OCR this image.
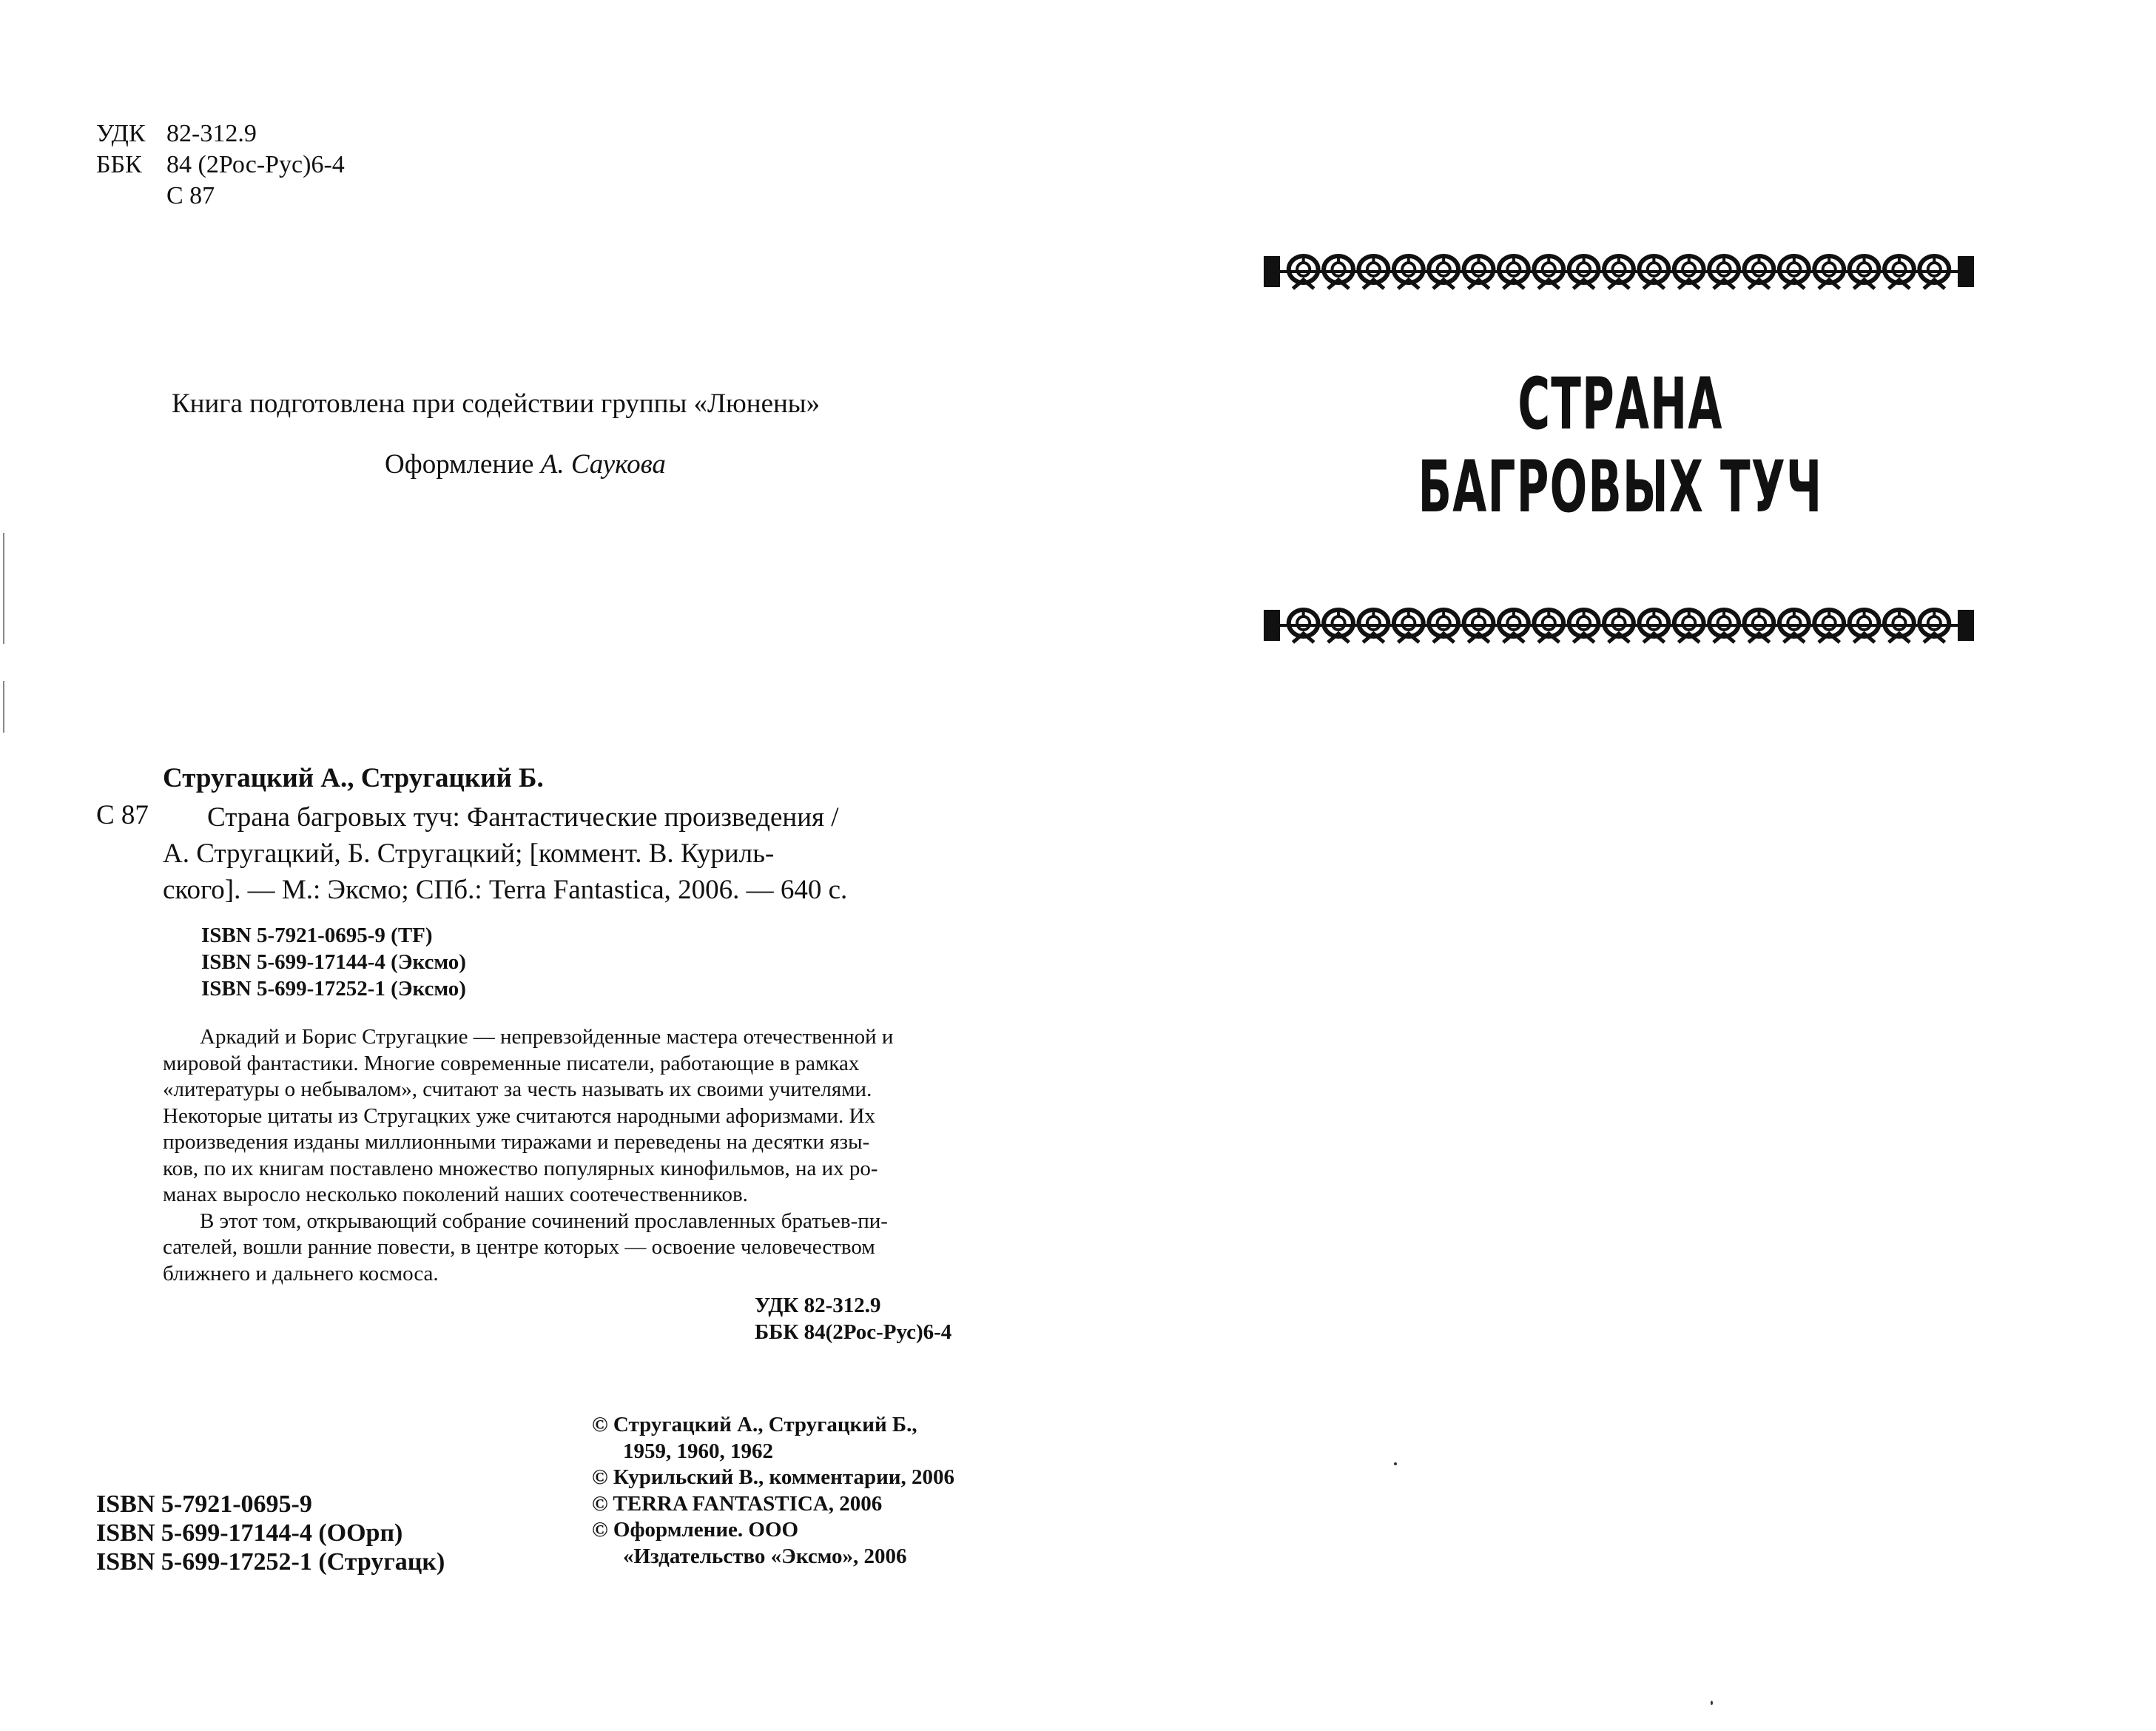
УДК 82-312.9
ББК 84 (2Рос-Рус)6-4
С 87
Книга подготовлена при содействии группы «Люнены»
Оформление А. Саукова
Стругацкий А., Стругацкий Б.
С 87	Страна багровых туч: Фантастические произведения /
А. Стругацкий, Б. Стругацкий; [коммент. В. Куриль-
ского]. — М.: Эксмо; СПб.: Terra Fantastica, 2006. — 640 с.
ISBN 5-7921-0695-9 (TF)
ISBN 5-699-17144-4 (Эксмо)
ISBN 5-699-17252-1 (Эксмо)

Аркадий и Борис Стругацкие — непревзойденные мастера отечественной и
мировой фантастики. Многие современные писатели, работающие в рамках
«литературы о небывалом», считают за честь называть их своими учителями.
Некоторые цитаты из Стругацких уже считаются народными афоризмами. Их
произведения изданы миллионными тиражами и переведены на десятки язы-
ков, по их книгам поставлено множество популярных кинофильмов, на их ро-
манах выросло несколько поколений наших соотечественников.

В этот том, открывающий собрание сочинений прославленных братьев-пи-
сателей, вошли ранние повести, в центре которых — освоение человечеством
ближнего и дальнего космоса.

УДК 82-312.9
ББК 84(2Рос-Рус)6-4
© Стругацкий А., Стругацкий Б.,
1959, 1960, 1962
© Курильский В., комментарии, 2006
© TERRA FANTASTICA, 2006
© Оформление. ООО
«Издательство «Эксмо», 2006
ISBN 5-7921-0695-9
ISBN 5-699-17144-4 (ООрп)
ISBN 5-699-17252-1 (Стругацк)
СТРАНА
БАГРОВЫХ ТУЧ
